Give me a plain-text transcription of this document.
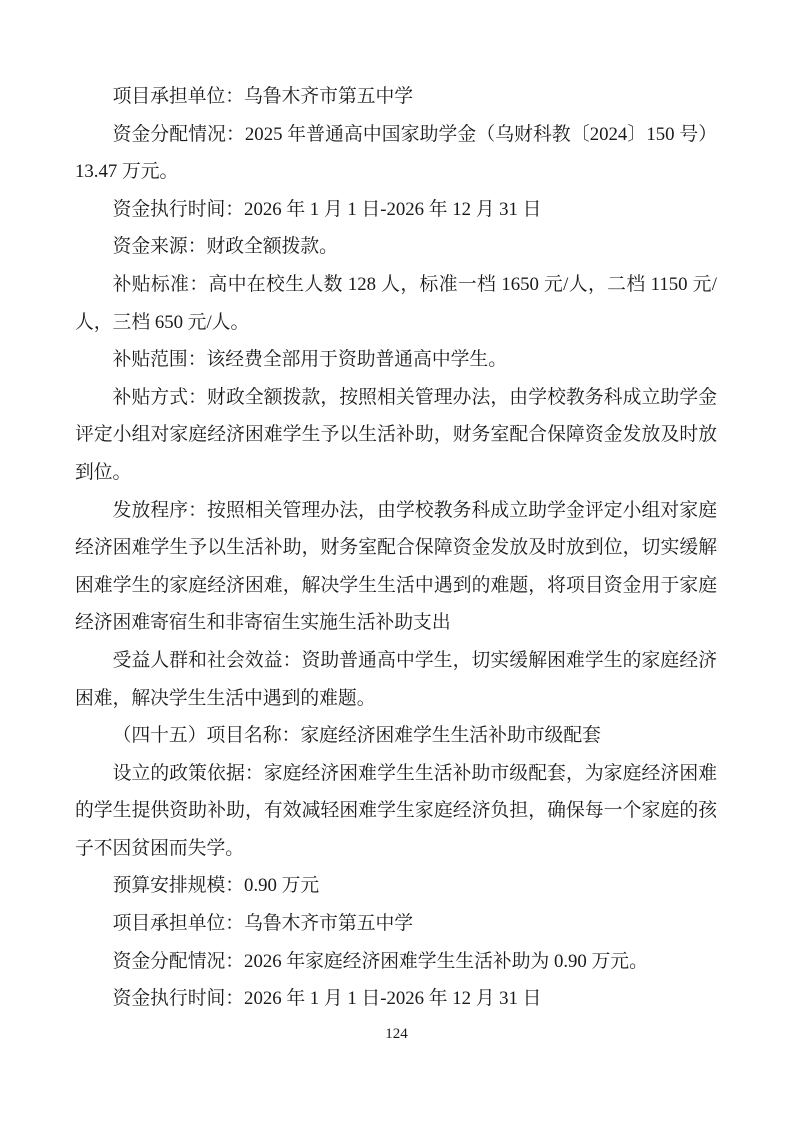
项目承担单位：乌鲁木齐市第五中学

资金分配情况：2025 年普通高中国家助学金（乌财科教〔2024〕150 号）13.47 万元。

资金执行时间：2026 年 1 月 1 日-2026 年 12 月 31 日

资金来源：财政全额拨款。

补贴标准：高中在校生人数 128 人，标准一档 1650 元/人，二档 1150 元/人，三档 650 元/人。

补贴范围：该经费全部用于资助普通高中学生。

补贴方式：财政全额拨款，按照相关管理办法，由学校教务科成立助学金评定小组对家庭经济困难学生予以生活补助，财务室配合保障资金发放及时放到位。

发放程序：按照相关管理办法，由学校教务科成立助学金评定小组对家庭经济困难学生予以生活补助，财务室配合保障资金发放及时放到位，切实缓解困难学生的家庭经济困难，解决学生生活中遇到的难题，将项目资金用于家庭经济困难寄宿生和非寄宿生实施生活补助支出

受益人群和社会效益：资助普通高中学生，切实缓解困难学生的家庭经济困难，解决学生生活中遇到的难题。

（四十五）项目名称：家庭经济困难学生生活补助市级配套

设立的政策依据：家庭经济困难学生生活补助市级配套，为家庭经济困难的学生提供资助补助，有效减轻困难学生家庭经济负担，确保每一个家庭的孩子不因贫困而失学。

预算安排规模：0.90 万元

项目承担单位：乌鲁木齐市第五中学

资金分配情况：2026 年家庭经济困难学生生活补助为 0.90 万元。

资金执行时间：2026 年 1 月 1 日-2026 年 12 月 31 日

124
